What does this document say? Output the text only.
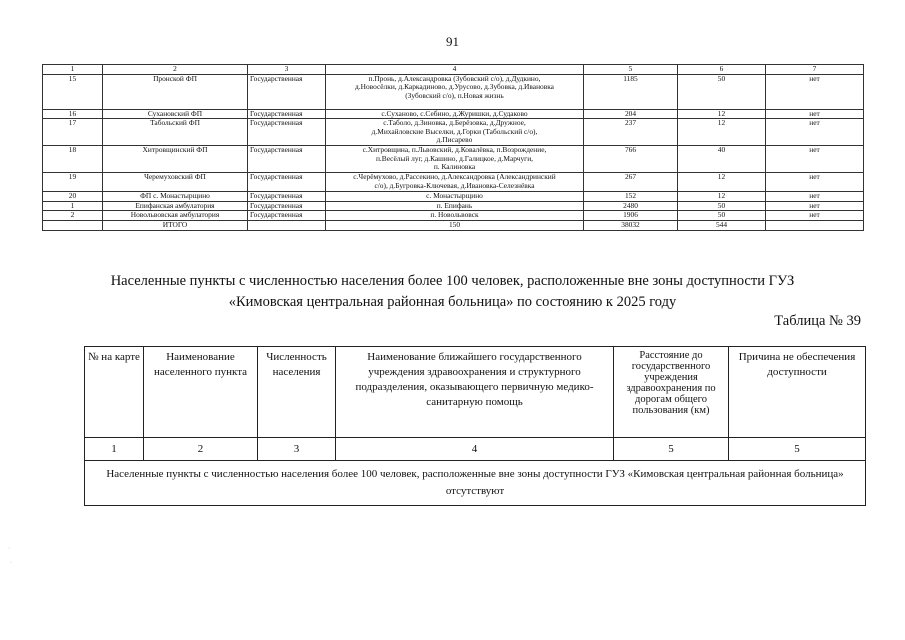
91
1	2	3	4	5	6	7
15	Пронской ФП	Государственная	п.Пронь, д.Александровка (Зубовский с/о), д.Дудкино,
д.Новосёлки, д.Каркадиново, д.Урусово, д.Зубовка, д.Ивановка
(Зубовский с/о), п.Новая жизнь	1185	50	нет
16	Сухановский ФП	Государственная	с.Суханово, с.Себино, д.Журишки, д.Судаково	204	12	нет
17	Табольский ФП	Государственная	с.Таболо, д.Зиновка, д.Берёзовка, д.Дружное,
д.Михайловские Выселки, д.Горки (Табольский с/о),
д.Писарево	237	12	нет
18	Хитровщинский ФП	Государственная	с.Хитровщина, п.Львовский, д.Ковалёвка, п.Возрождение,
п.Весёлый луг, д.Кашино, д.Галицкое, д.Марчуги,
п. Калиновка	766	40	нет
19	Черемуховский ФП	Государственная	с.Черёмухово, д.Рассекино, д.Александровка (Александринский
с/о), д.Бугровка-Ключевая, д.Ивановка-Селезнёвка	267	12	нет
20	ФП с. Монастырщино	Государственная	с. Монастырщино	152	12	нет
1	Епифанская амбулатория	Государственная	п. Епифань	2480	50	нет
2	Новольвовская амбулатория	Государственная	п. Новольвовск	1906	50	нет
	ИТОГО		150	38032	544	
Населенные пункты с численностью населения более 100 человек, расположенные вне зоны доступности ГУЗ
«Кимовская центральная районная больница» по состоянию к 2025 году
Таблица № 39
№ на карте	Наименование населенного пункта	Численность населения	Наименование ближайшего государственного учреждения здравоохранения и структурного подразделения, оказывающего первичную медико-санитарную помощь	Расстояние до государственного учреждения здравоохранения по дорогам общего пользования (км)	Причина не обеспечения доступности
1	2	3	4	5	5
Населенные пункты с численностью населения более 100 человек, расположенные вне зоны доступности ГУЗ «Кимовская центральная районная больница» отсутствуют					
·
·
